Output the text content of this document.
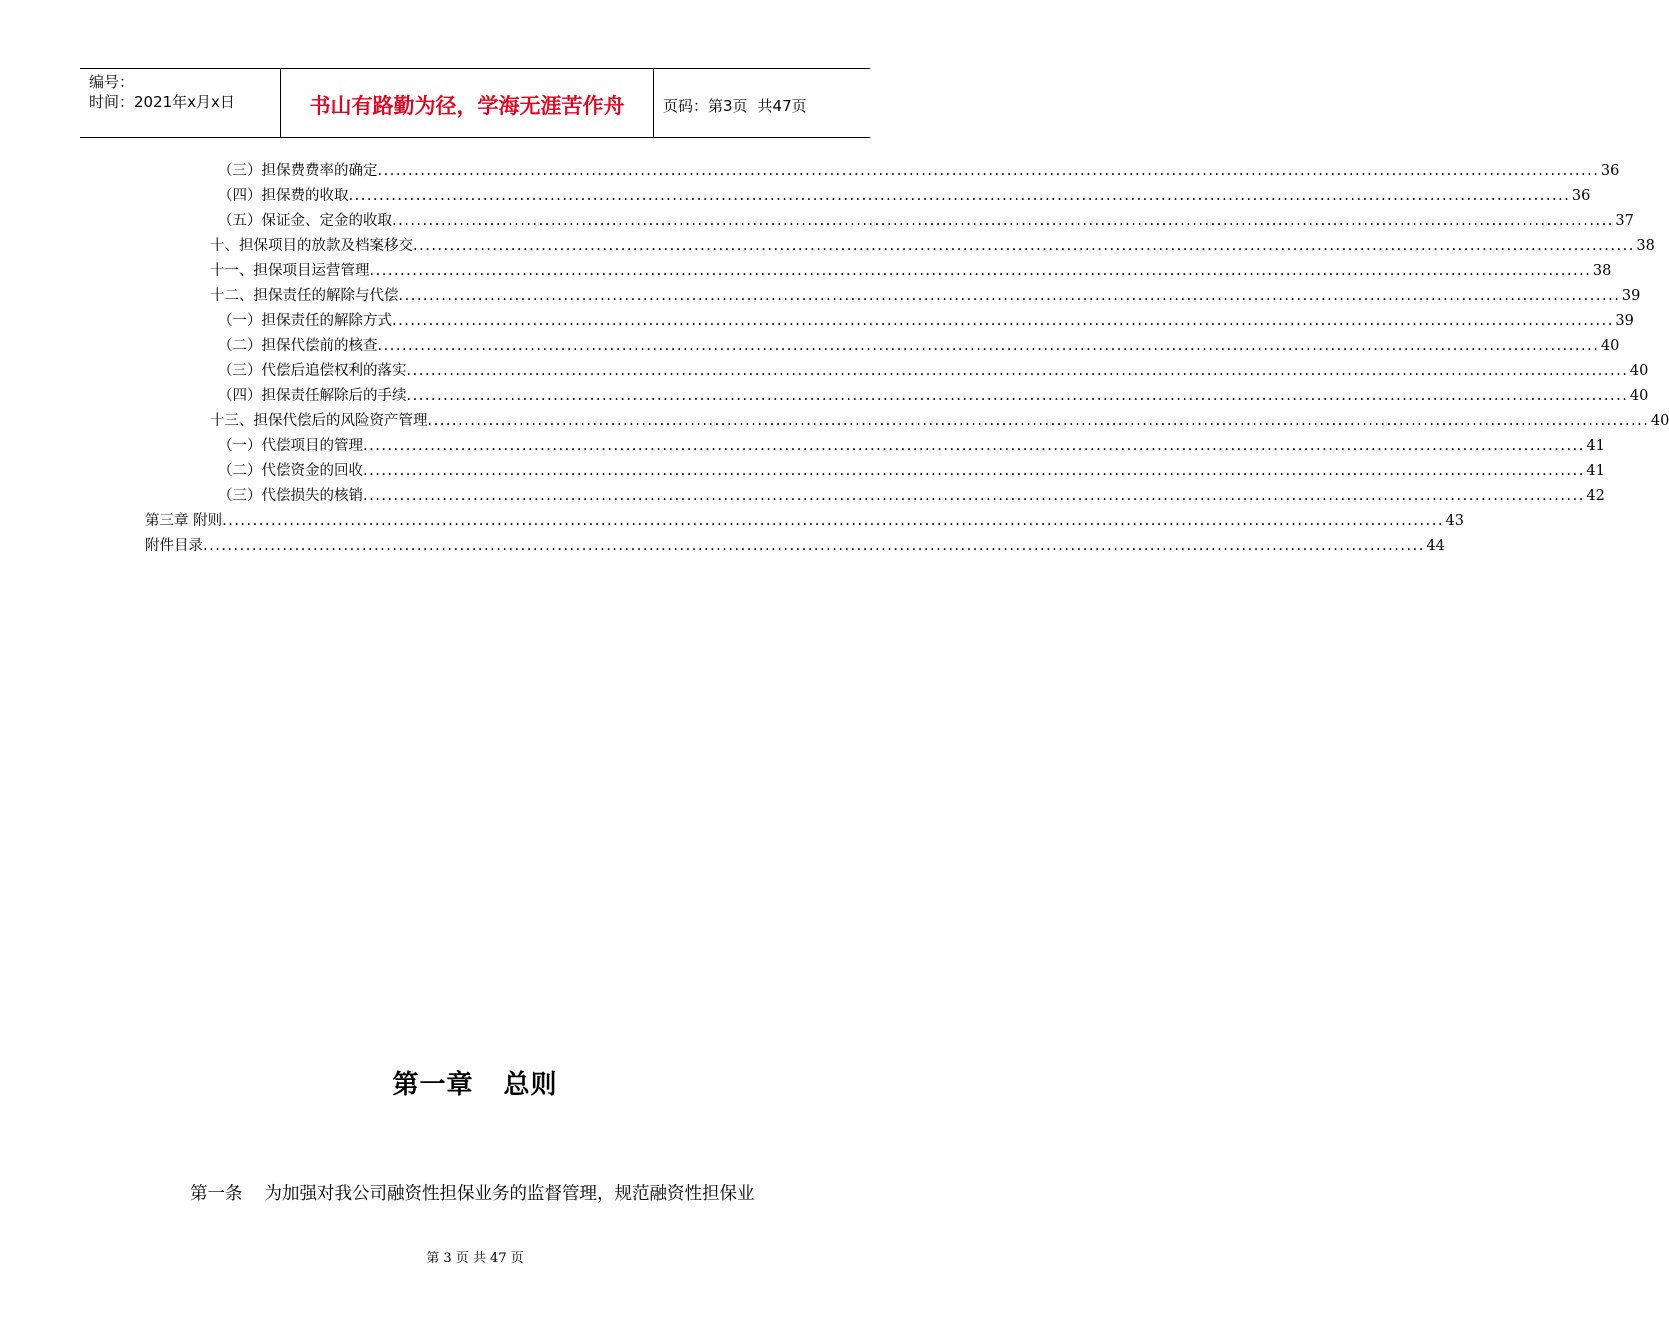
编号：
时间：2021年x月x日	书山有路勤为径，学海无涯苦作舟	页码：第3页 共47页
（三）担保费费率的确定 ........................................................................................................................................................................................................ 36
（四）担保费的收取 ........................................................................................................................................................................................................ 36
（五）保证金、定金的收取 ........................................................................................................................................................................................................ 37
十、担保项目的放款及档案移交 ........................................................................................................................................................................................................ 38
十一、担保项目运营管理 ........................................................................................................................................................................................................ 38
十二、担保责任的解除与代偿 ........................................................................................................................................................................................................ 39
（一）担保责任的解除方式 ........................................................................................................................................................................................................ 39
（二）担保代偿前的核查 ........................................................................................................................................................................................................ 40
（三）代偿后追偿权利的落实 ........................................................................................................................................................................................................ 40
（四）担保责任解除后的手续 ........................................................................................................................................................................................................ 40
十三、担保代偿后的风险资产管理 ........................................................................................................................................................................................................ 40
（一）代偿项目的管理 ........................................................................................................................................................................................................ 41
（二）代偿资金的回收 ........................................................................................................................................................................................................ 41
（三）代偿损失的核销 ........................................................................................................................................................................................................ 42
第三章 附则 ........................................................................................................................................................................................................ 43
附件目录 ........................................................................................................................................................................................................ 44
第一章 总则
第一条 为加强对我公司融资性担保业务的监督管理，规范融资性担保业
第 3 页 共 47 页
